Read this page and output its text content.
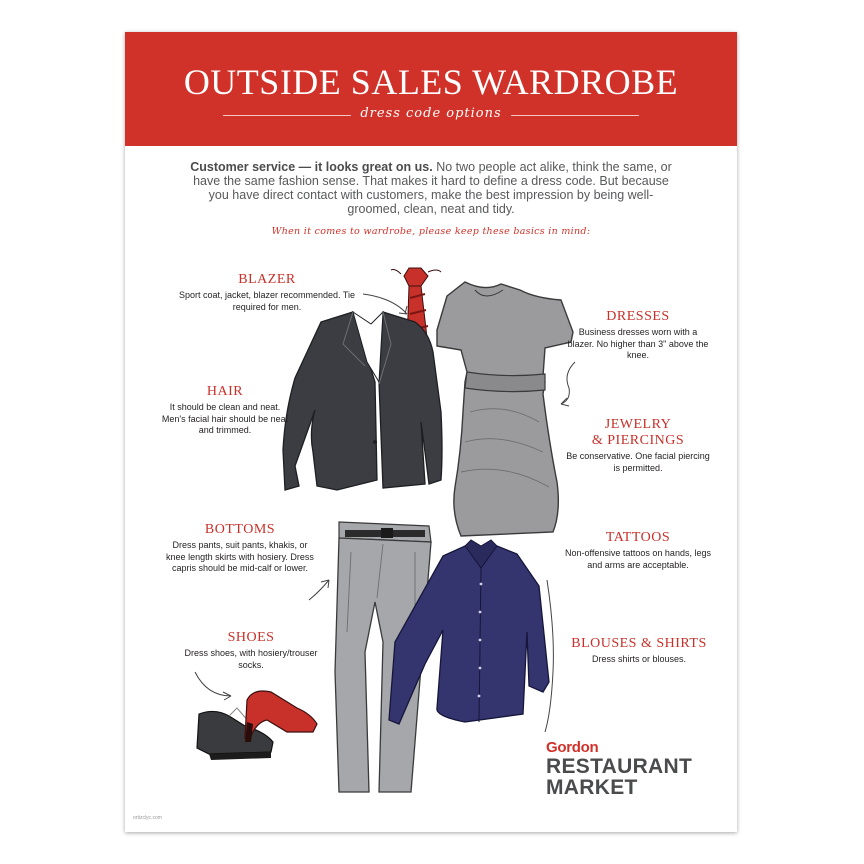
OUTSIDE SALES WARDROBE
dress code options
Customer service — it looks great on us. No two people act alike, think the same, or have the same fashion sense. That makes it hard to define a dress code. But because you have direct contact with customers, make the best impression by being well-groomed, clean, neat and tidy.
When it comes to wardrobe, please keep these basics in mind:
BLAZER

Sport coat, jacket, blazer recommended. Tie required for men.

HAIR

It should be clean and neat. Men's facial hair should be neat and trimmed.

BOTTOMS

Dress pants, suit pants, khakis, or knee length skirts with hosiery. Dress capris should be mid-calf or lower.

SHOES

Dress shoes, with hosiery/trouser socks.

DRESSES

Business dresses worn with a blazer. No higher than 3" above the knee.

JEWELRY
& PIERCINGS

Be conservative. One facial piercing is permitted.

TATTOOS

Non-offensive tattoos on hands, legs and arms are acceptable.

BLOUSES & SHIRTS

Dress shirts or blouses.

Gordon
RESTAURANT
MARKET
ortizclyc.com
